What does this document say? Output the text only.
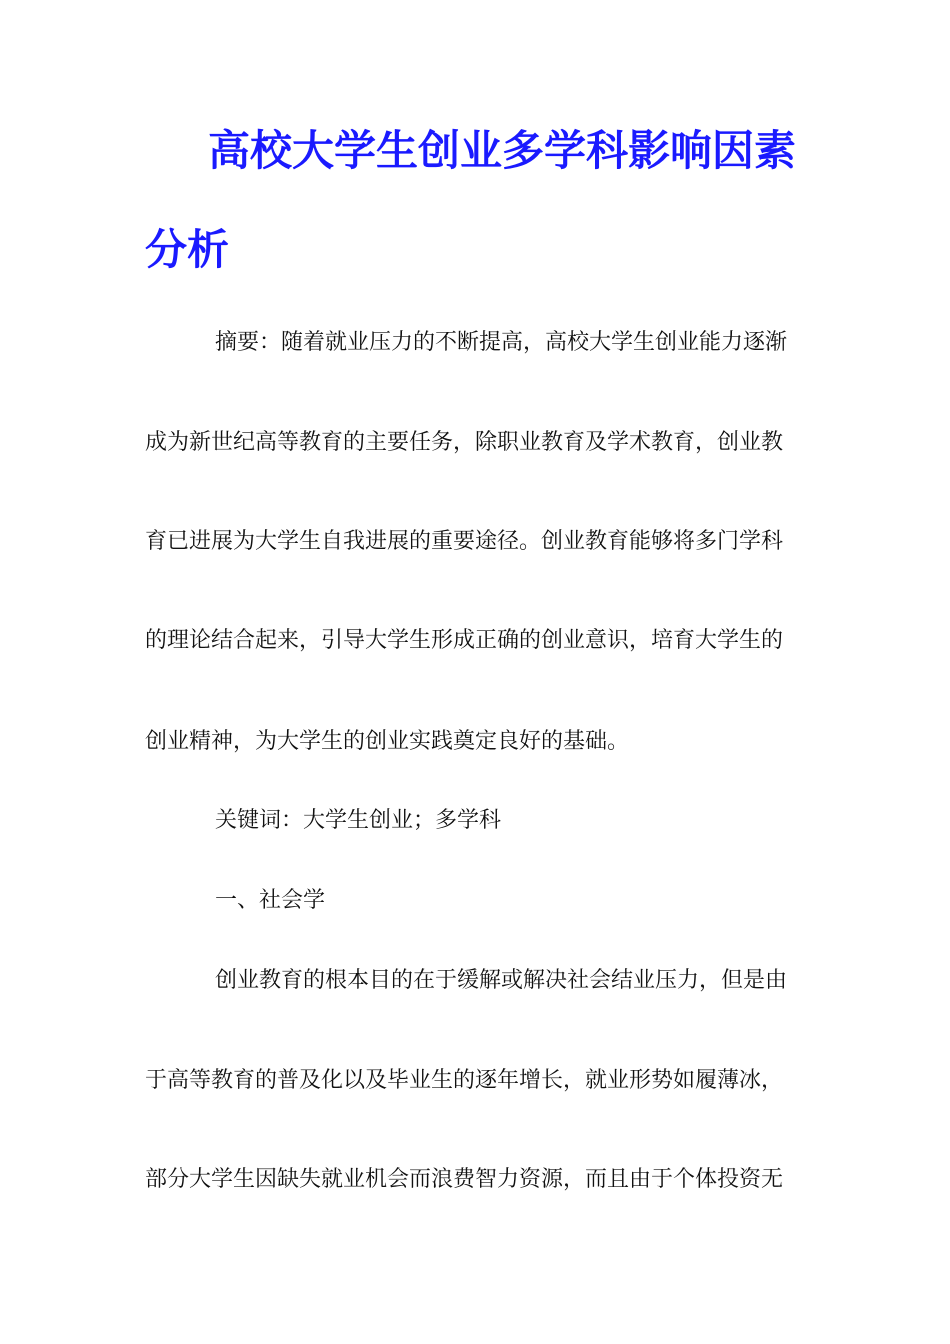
高校大学生创业多学科影响因素
分析
摘要：随着就业压力的不断提高，高校大学生创业能力逐渐
成为新世纪高等教育的主要任务，除职业教育及学术教育，创业教
育已进展为大学生自我进展的重要途径。创业教育能够将多门学科
的理论结合起来，引导大学生形成正确的创业意识，培育大学生的
创业精神，为大学生的创业实践奠定良好的基础。
关键词：大学生创业；多学科
一、社会学
创业教育的根本目的在于缓解或解决社会结业压力，但是由
于高等教育的普及化以及毕业生的逐年增长，就业形势如履薄冰，
部分大学生因缺失就业机会而浪费智力资源，而且由于个体投资无
